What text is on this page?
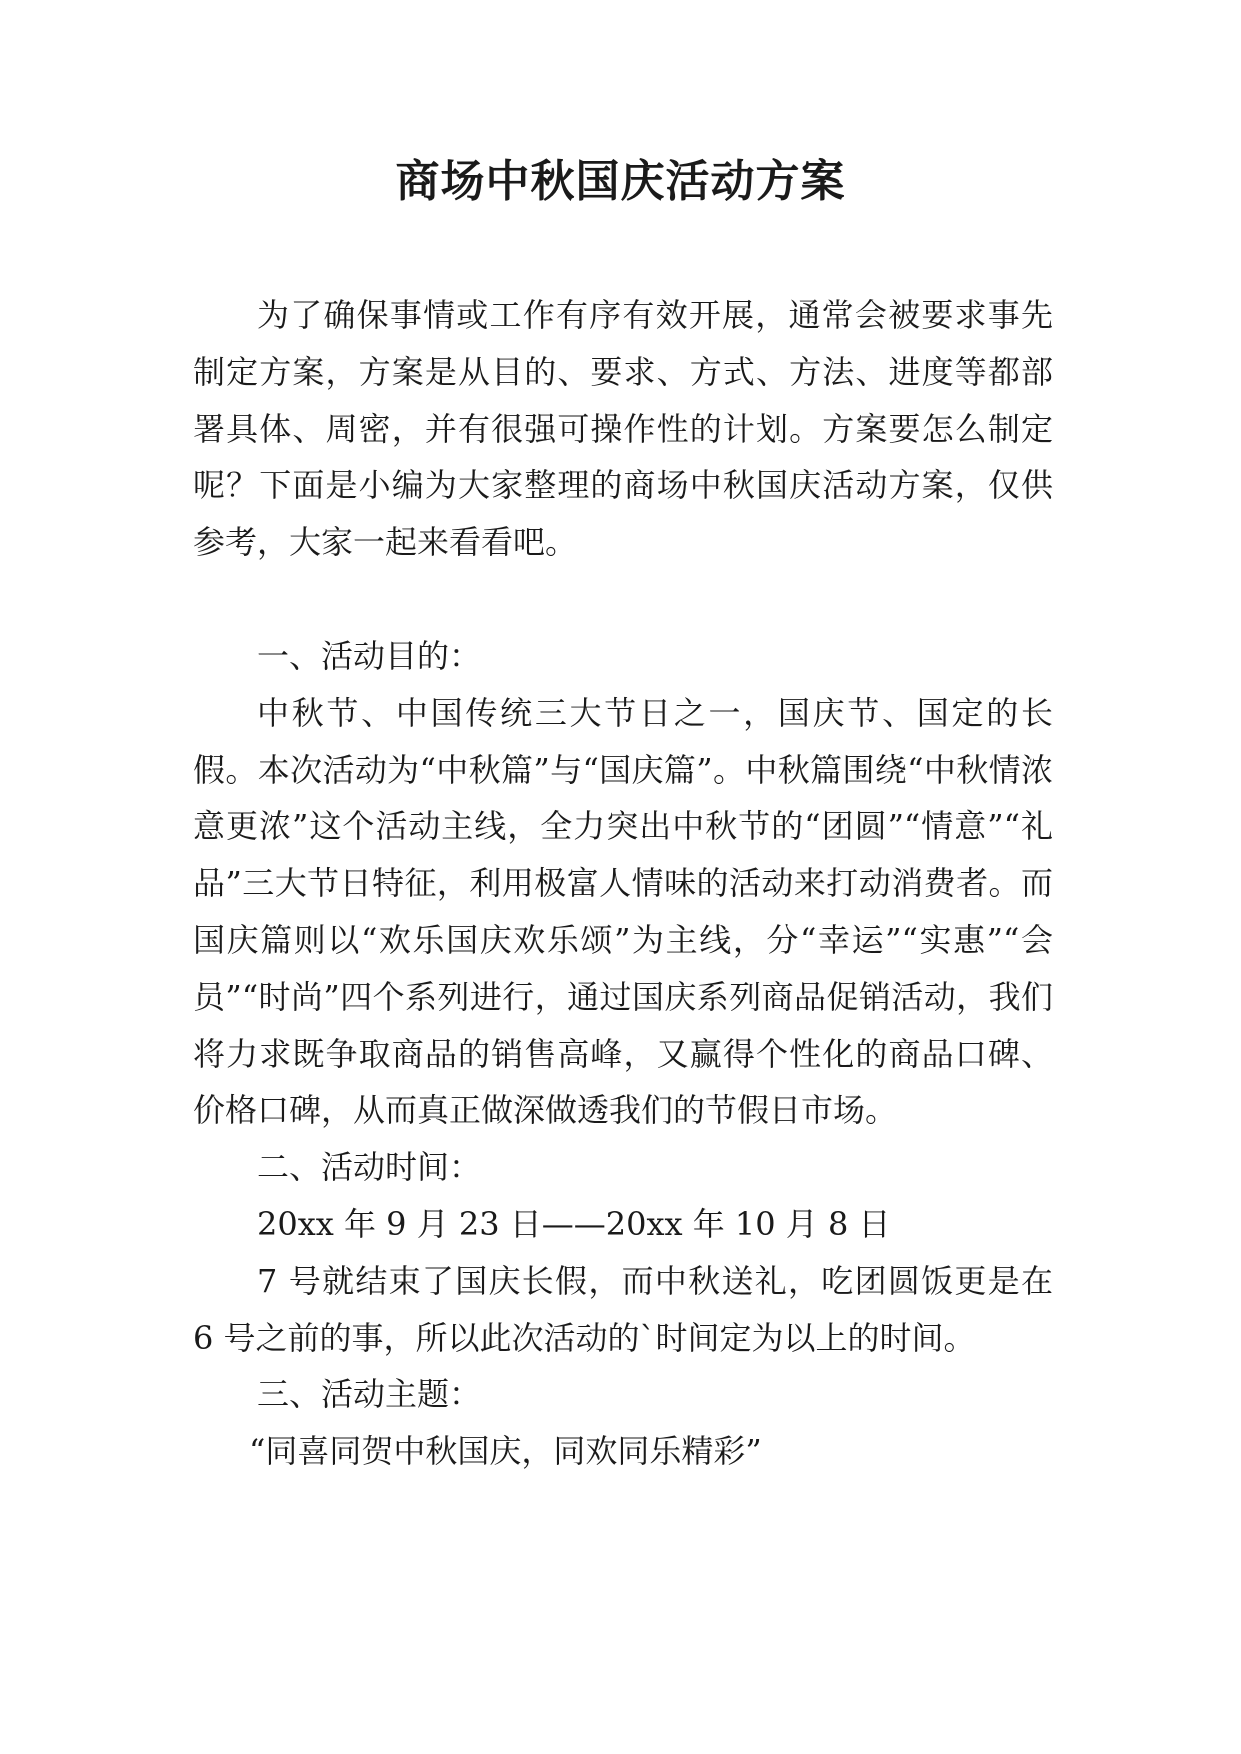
商场中秋国庆活动方案

为了确保事情或工作有序有效开展，通常会被要求事先制定方案，方案是从目的、要求、方式、方法、进度等都部署具体、周密，并有很强可操作性的计划。方案要怎么制定呢？下面是小编为大家整理的商场中秋国庆活动方案，仅供参考，大家一起来看看吧。

一、活动目的：

中秋节、中国传统三大节日之一，国庆节、国定的长假。本次活动为“中秋篇”与“国庆篇”。中秋篇围绕“中秋情浓意更浓”这个活动主线，全力突出中秋节的“团圆”“情意”“礼品”三大节日特征，利用极富人情味的活动来打动消费者。而国庆篇则以“欢乐国庆欢乐颂”为主线，分“幸运”“实惠”“会员”“时尚”四个系列进行，通过国庆系列商品促销活动，我们将力求既争取商品的销售高峰，又赢得个性化的商品口碑、价格口碑，从而真正做深做透我们的节假日市场。

二、活动时间：

20xx 年 9 月 23 日——20xx 年 10 月 8 日

7 号就结束了国庆长假，而中秋送礼，吃团圆饭更是在 6 号之前的事，所以此次活动的`时间定为以上的时间。

三、活动主题：

“同喜同贺中秋国庆，同欢同乐精彩”
